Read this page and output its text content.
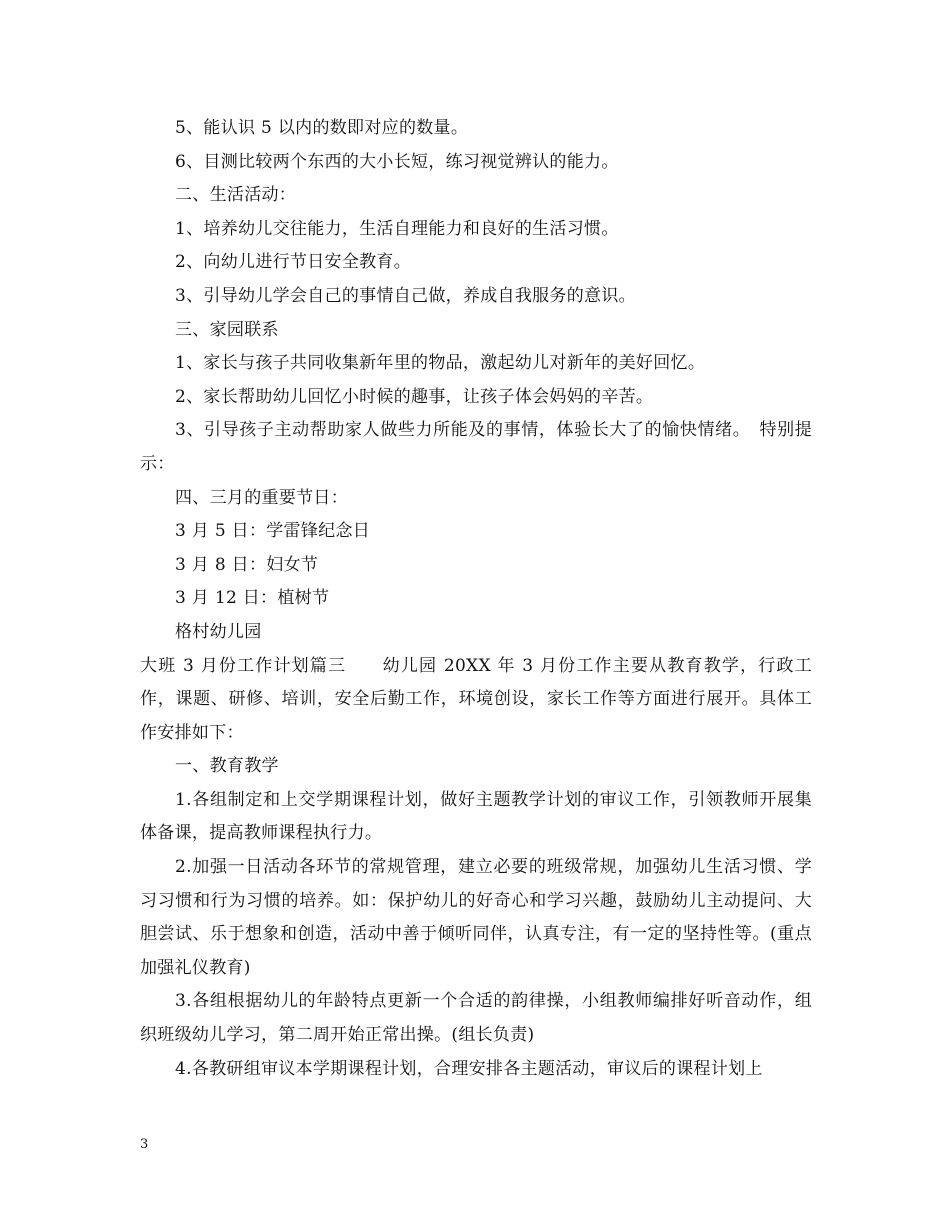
5、能认识 5 以内的数即对应的数量。

6、目测比较两个东西的大小长短，练习视觉辨认的能力。

二、生活活动：

1、培养幼儿交往能力，生活自理能力和良好的生活习惯。

2、向幼儿进行节日安全教育。

3、引导幼儿学会自己的事情自己做，养成自我服务的意识。

三、家园联系

1、家长与孩子共同收集新年里的物品，激起幼儿对新年的美好回忆。

2、家长帮助幼儿回忆小时候的趣事，让孩子体会妈妈的辛苦。

3、引导孩子主动帮助家人做些力所能及的事情，体验长大了的愉快情绪。　特别提示：

四、三月的重要节日：

3 月 5 日：学雷锋纪念日

3 月 8 日：妇女节

3 月 12 日：植树节

格村幼儿园

大班 3 月份工作计划篇三　　幼儿园 20XX 年 3 月份工作主要从教育教学，行政工作，课题、研修、培训，安全后勤工作，环境创设，家长工作等方面进行展开。具体工作安排如下：

一、教育教学

1.各组制定和上交学期课程计划，做好主题教学计划的审议工作，引领教师开展集体备课，提高教师课程执行力。

2.加强一日活动各环节的常规管理，建立必要的班级常规，加强幼儿生活习惯、学习习惯和行为习惯的培养。如：保护幼儿的好奇心和学习兴趣，鼓励幼儿主动提问、大胆尝试、乐于想象和创造，活动中善于倾听同伴，认真专注，有一定的坚持性等。(重点加强礼仪教育)

3.各组根据幼儿的年龄特点更新一个合适的韵律操，小组教师编排好听音动作，组织班级幼儿学习，第二周开始正常出操。(组长负责)

4.各教研组审议本学期课程计划，合理安排各主题活动，审议后的课程计划上

3
